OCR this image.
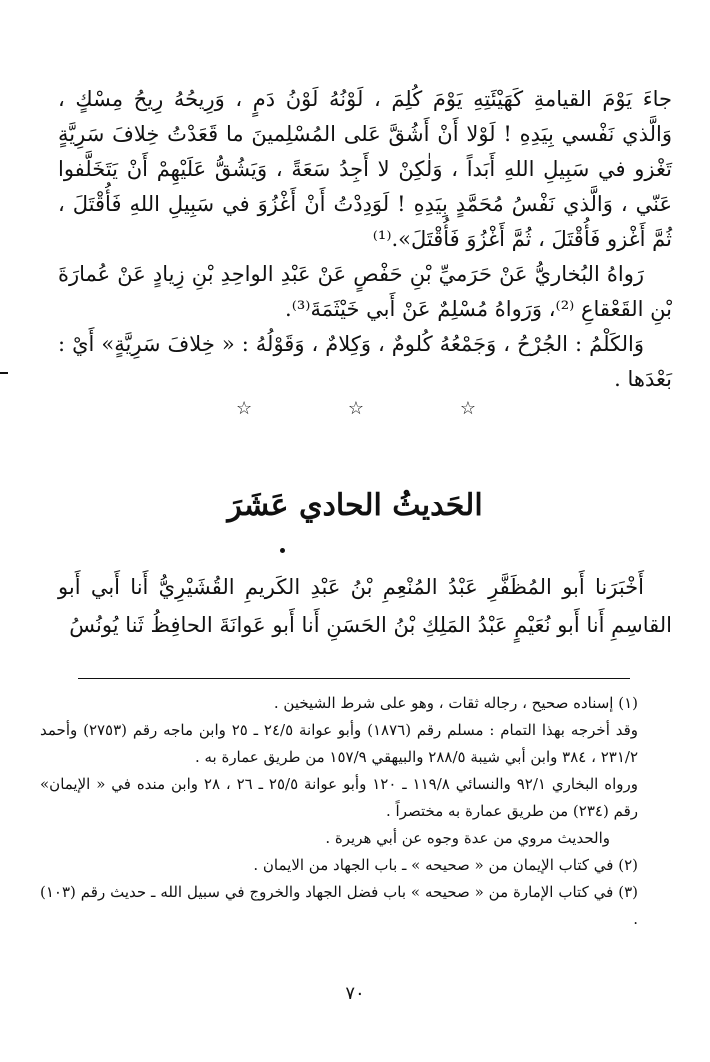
جاءَ يَوْمَ القيامةِ كَهَيْئَتِهِ يَوْمَ كُلِمَ ، لَوْنُهُ لَوْنُ دَمٍ ، وَرِيحُهُ رِيحُ مِسْكٍ ، وَالَّذي نَفْسي بِيَدِهِ ! لَوْلا أَنْ أَشُقَّ عَلى المُسْلِمينَ ما قَعَدْتُ خِلافَ سَرِيَّةٍ تَغْزو في سَبِيلِ اللهِ أَبَداً ، وَلٰكِنْ لا أَجِدُ سَعَةً ، وَيَشُقُّ عَلَيْهِمْ أَنْ يَتَخَلَّفوا عَنّي ، وَالَّذي نَفْسُ مُحَمَّدٍ بِيَدِهِ ! لَوَدِدْتُ أَنْ أَغْزُوَ في سَبِيلِ اللهِ فَأُقْتَلَ ، ثُمَّ أَغْزو فَأُقْتَلَ ، ثُمَّ أَغْزُوَ فَأُقْتَلَ».⁽¹⁾

رَواهُ البُخاريُّ عَنْ حَرَميِّ بْنِ حَفْصٍ عَنْ عَبْدِ الواحِدِ بْنِ زِيادٍ عَنْ عُمارَةَ بْنِ القَعْقاعِ ⁽²⁾، وَرَواهُ مُسْلِمٌ عَنْ أَبي خَيْثَمَةَ⁽³⁾.

وَالكَلْمُ : الجُرْحُ ، وَجَمْعُهُ كُلومٌ ، وَكِلامٌ ، وَقَوْلُهُ : « خِلافَ سَرِيَّةٍ» أَيْ : بَعْدَها .

☆	☆	☆
الحَديثُ الحادي عَشَرَ

أَخْبَرَنا أَبو المُظَفَّرِ عَبْدُ المُنْعِمِ بْنُ عَبْدِ الكَريمِ القُشَيْرِيُّ أَنا أَبي أَبو القاسِمِ أَنا أَبو نُعَيْمٍ عَبْدُ المَلِكِ بْنُ الحَسَنِ أَنا أَبو عَوانَةَ الحافِظُ ثَنا يُونُسُ

(١) إسناده صحيح ، رجاله ثقات ، وهو على شرط الشيخين .

وقد أخرجه بهذا التمام : مسلم رقم (١٨٧٦) وأبو عوانة ٢٤/٥ ـ ٢٥ وابن ماجه رقم (٢٧٥٣) وأحمد ٢٣١/٢ ، ٣٨٤ وابن أبي شيبة ٢٨٨/٥ والبيهقي ١٥٧/٩ من طريق عمارة به .

ورواه البخاري ٩٢/١ والنسائي ١١٩/٨ ـ ١٢٠ وأبو عوانة ٢٥/٥ ـ ٢٦ ، ٢٨ وابن منده في « الإيمان» رقم (٢٣٤) من طريق عمارة به مختصراً .

والحديث مروي من عدة وجوه عن أبي هريرة .

(٢) في كتاب الإيمان من « صحيحه » ـ باب الجهاد من الايمان .

(٣) في كتاب الإمارة من « صحيحه » باب فضل الجهاد والخروج في سبيل الله ـ حديث رقم (١٠٣) .

٧٠
